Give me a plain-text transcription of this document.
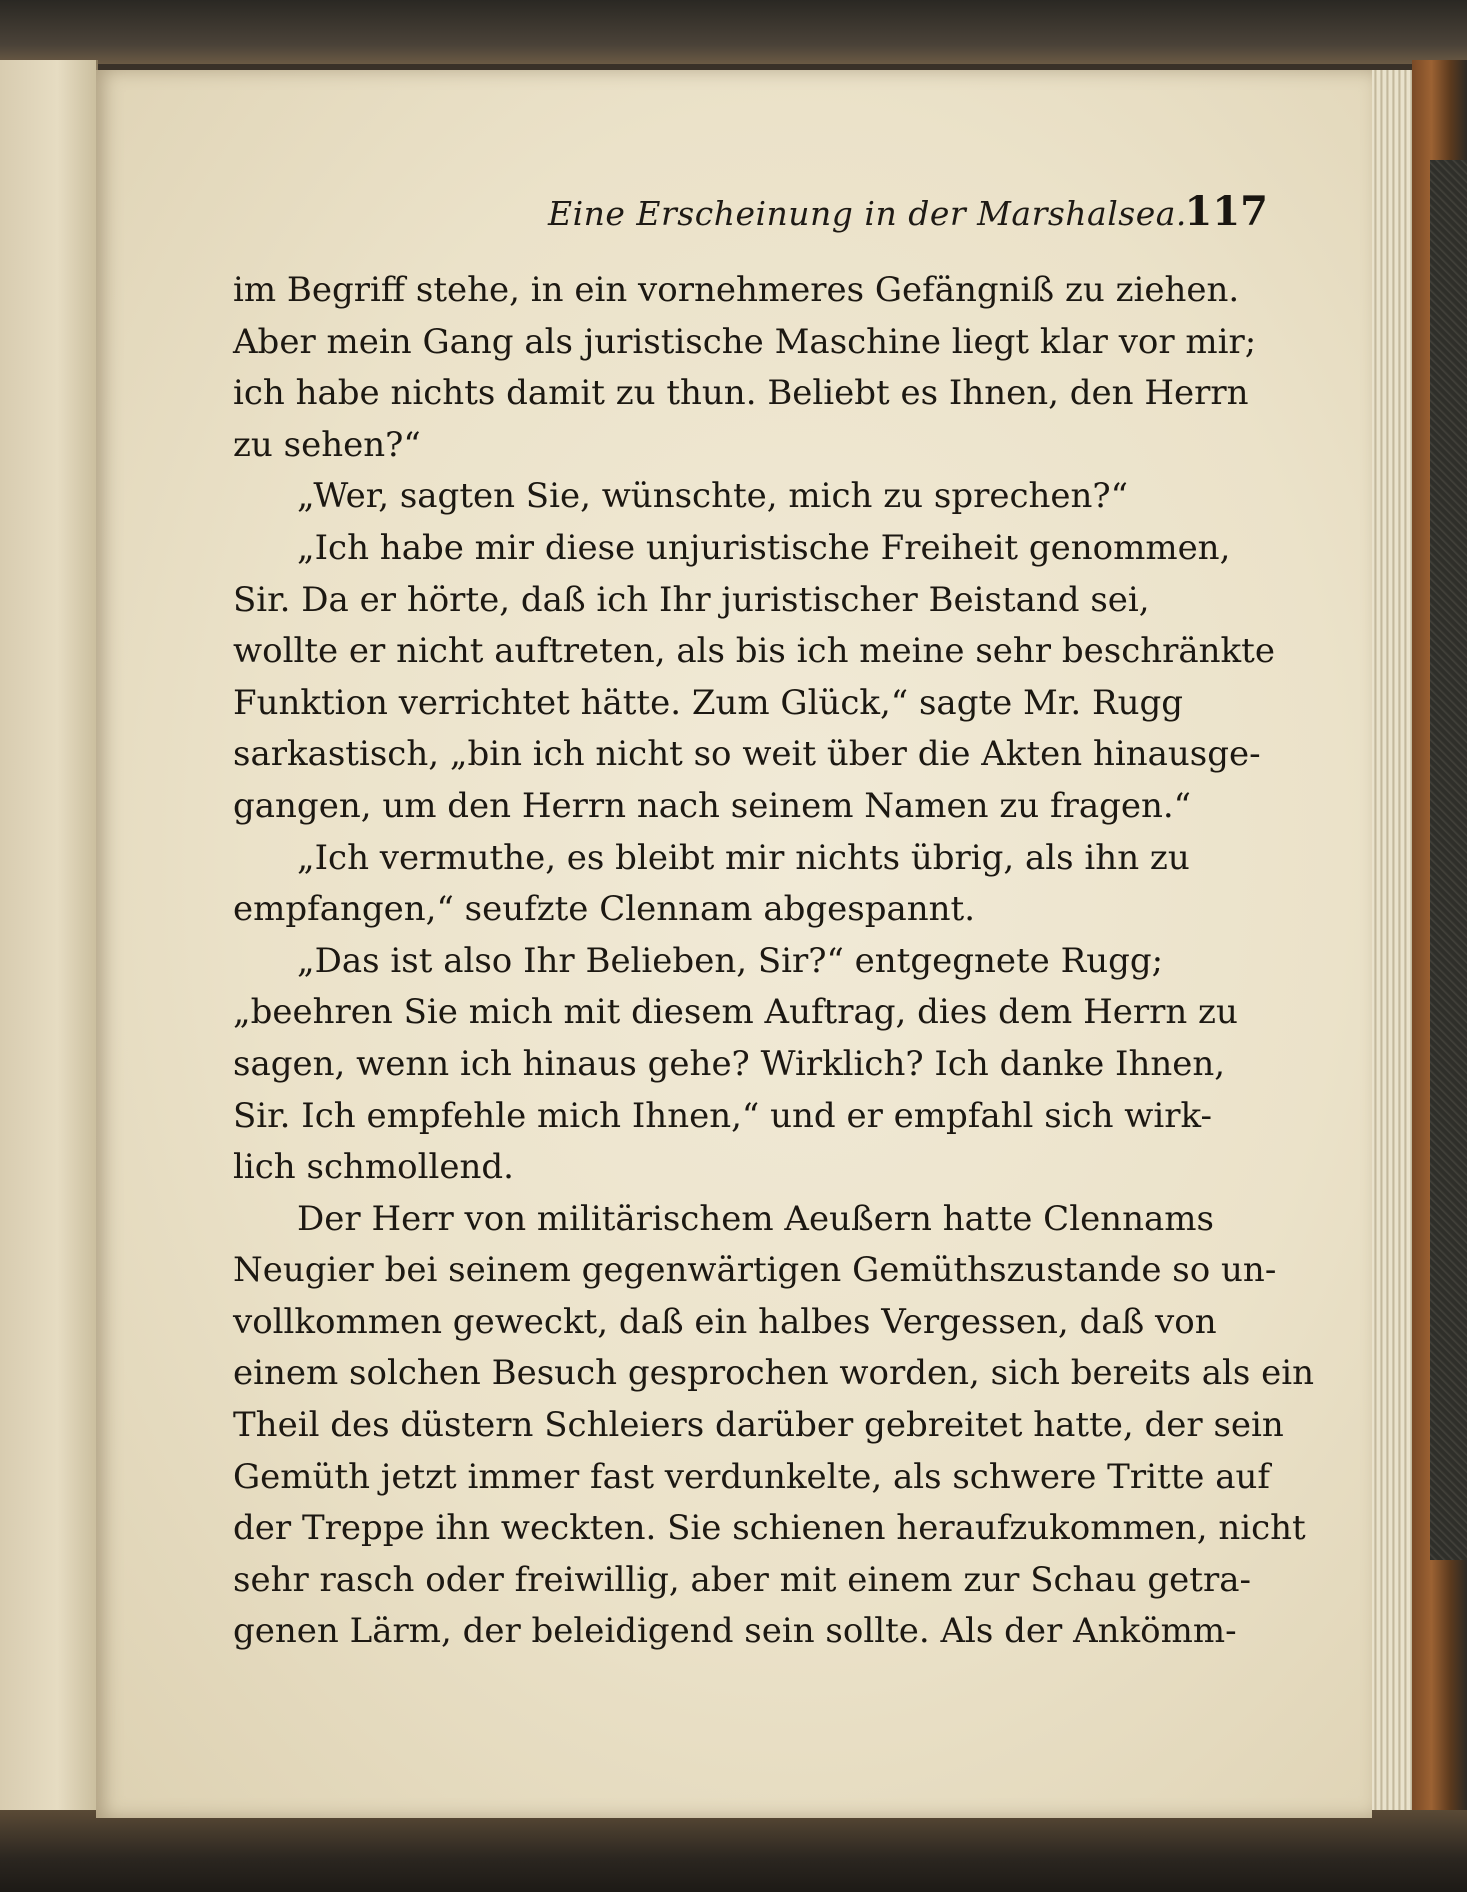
Eine Erscheinung in der Marshalsea.
117
im Begriff stehe, in ein vornehmeres Gefängniß zu ziehen.
Aber mein Gang als juristische Maschine liegt klar vor mir;
ich habe nichts damit zu thun. Beliebt es Ihnen, den Herrn
zu sehen?“
„Wer, sagten Sie, wünschte, mich zu sprechen?“
„Ich habe mir diese unjuristische Freiheit genommen,
Sir. Da er hörte, daß ich Ihr juristischer Beistand sei,
wollte er nicht auftreten, als bis ich meine sehr beschränkte
Funktion verrichtet hätte. Zum Glück,“ sagte Mr. Rugg
sarkastisch, „bin ich nicht so weit über die Akten hinausge-
gangen, um den Herrn nach seinem Namen zu fragen.“
„Ich vermuthe, es bleibt mir nichts übrig, als ihn zu
empfangen,“ seufzte Clennam abgespannt.
„Das ist also Ihr Belieben, Sir?“ entgegnete Rugg;
„beehren Sie mich mit diesem Auftrag, dies dem Herrn zu
sagen, wenn ich hinaus gehe? Wirklich? Ich danke Ihnen,
Sir. Ich empfehle mich Ihnen,“ und er empfahl sich wirk-
lich schmollend.
Der Herr von militärischem Aeußern hatte Clennams
Neugier bei seinem gegenwärtigen Gemüthszustande so un-
vollkommen geweckt, daß ein halbes Vergessen, daß von
einem solchen Besuch gesprochen worden, sich bereits als ein
Theil des düstern Schleiers darüber gebreitet hatte, der sein
Gemüth jetzt immer fast verdunkelte, als schwere Tritte auf
der Treppe ihn weckten. Sie schienen heraufzukommen, nicht
sehr rasch oder freiwillig, aber mit einem zur Schau getra-
genen Lärm, der beleidigend sein sollte. Als der Ankömm-
